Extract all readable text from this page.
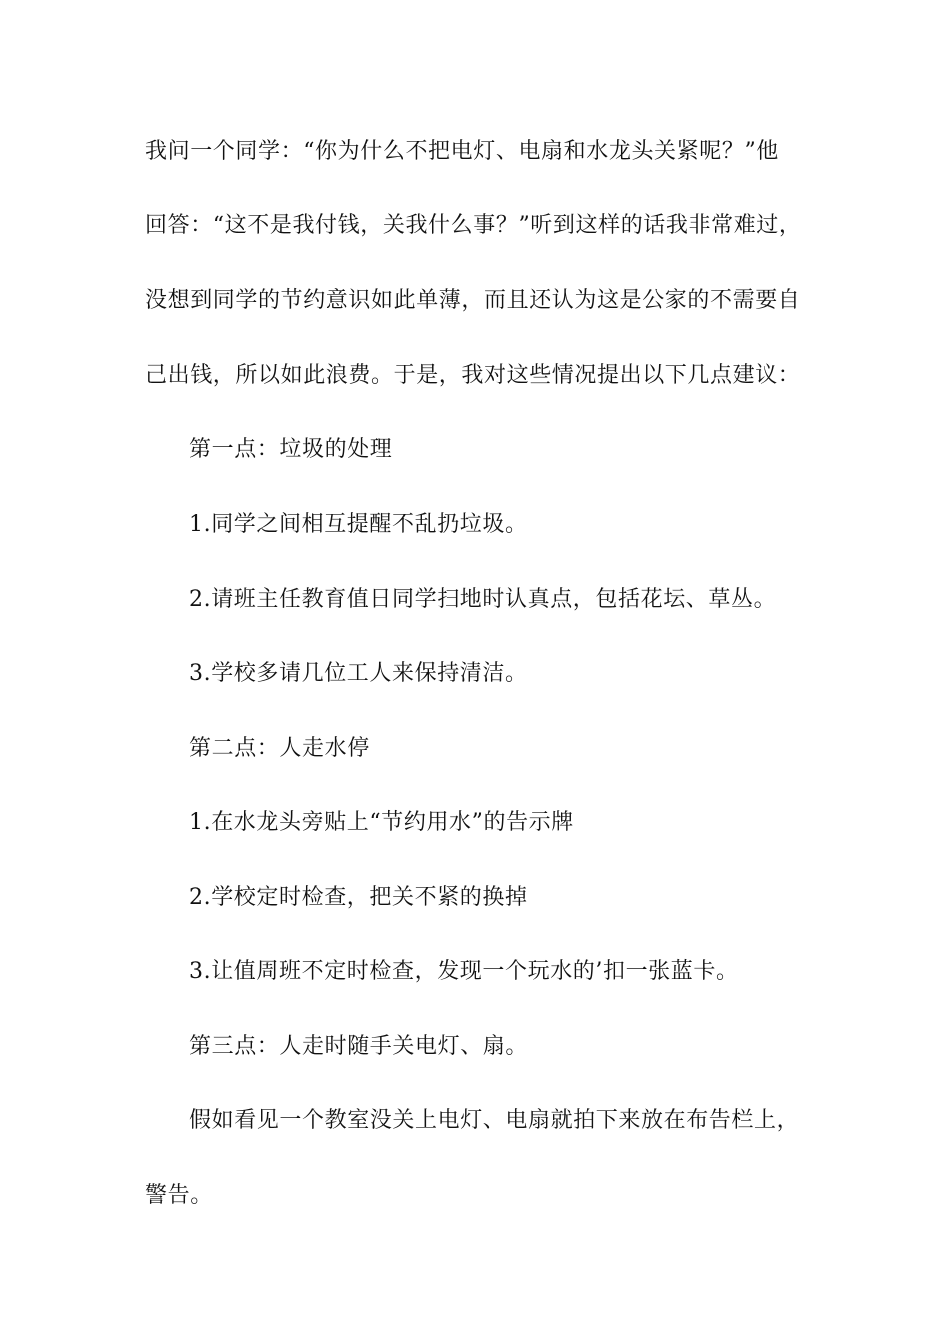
我问一个同学：“你为什么不把电灯、电扇和水龙头关紧呢？”他
回答：“这不是我付钱，关我什么事？”听到这样的话我非常难过，
没想到同学的节约意识如此单薄，而且还认为这是公家的不需要自
己出钱，所以如此浪费。于是，我对这些情况提出以下几点建议：
第一点：垃圾的处理
1.同学之间相互提醒不乱扔垃圾。
2.请班主任教育值日同学扫地时认真点，包括花坛、草丛。
3.学校多请几位工人来保持清洁。
第二点：人走水停
1.在水龙头旁贴上“节约用水”的告示牌
2.学校定时检查，把关不紧的换掉
3.让值周班不定时检查，发现一个玩水的’扣一张蓝卡。
第三点：人走时随手关电灯、扇。
假如看见一个教室没关上电灯、电扇就拍下来放在布告栏上，
警告。
